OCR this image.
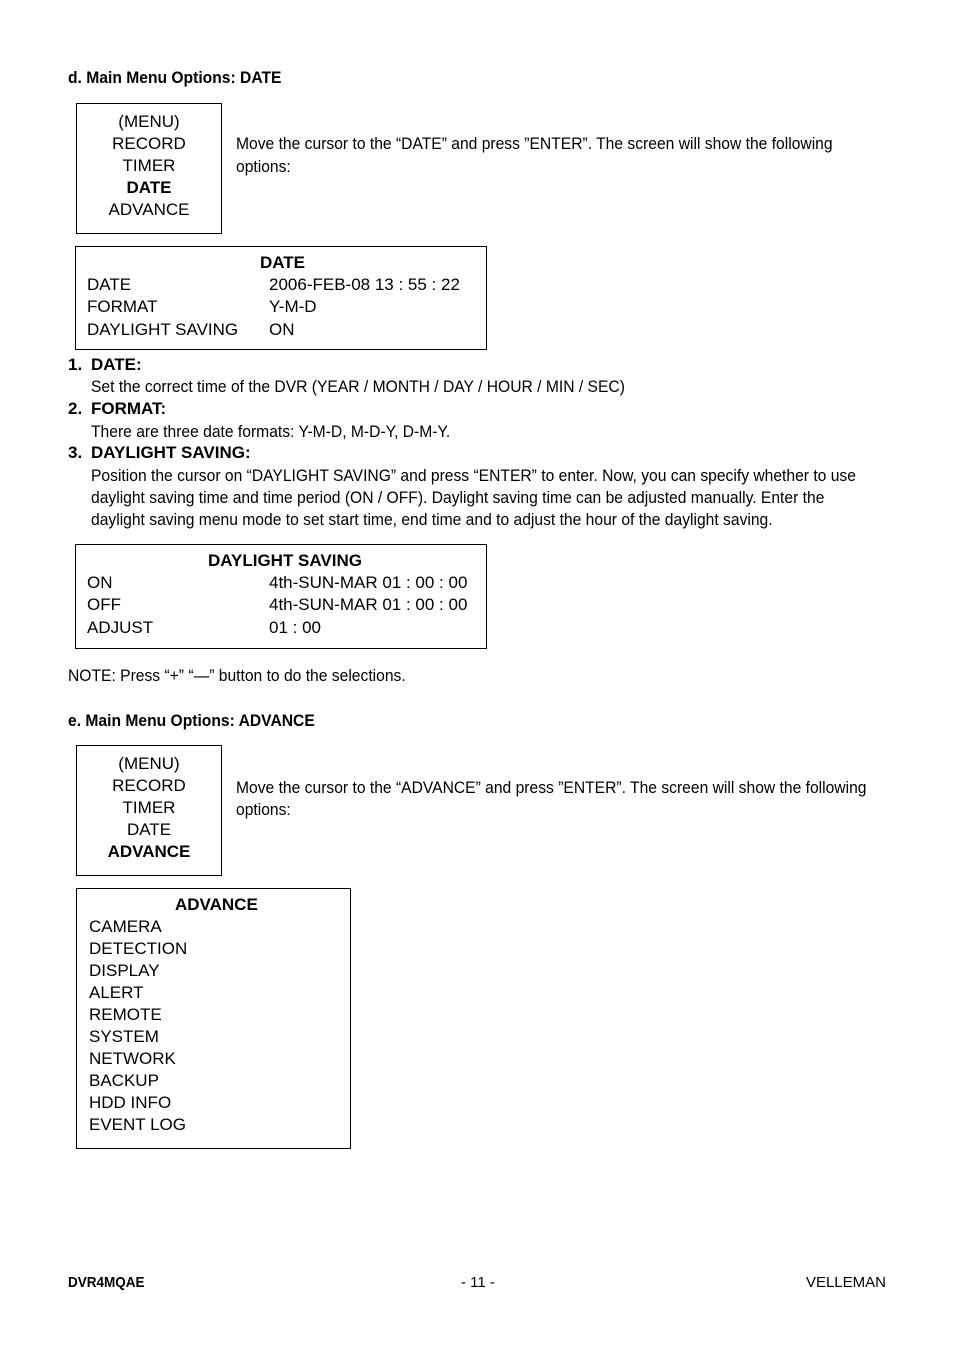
d. Main Menu Options: DATE
(MENU)
RECORD
TIMER
DATE
ADVANCE
Move the cursor to the “DATE” and press ”ENTER”. The screen will show the following
options:
DATE
DATE	2006-FEB-08 13 : 55 : 22
FORMAT	Y-M-D
DAYLIGHT SAVING ON
1. DATE:
Set the correct time of the DVR (YEAR / MONTH / DAY / HOUR / MIN / SEC)
2. FORMAT:
There are three date formats: Y-M-D, M-D-Y, D-M-Y.
3. DAYLIGHT SAVING:
Position the cursor on “DAYLIGHT SAVING” and press “ENTER” to enter. Now, you can specify whether to use
daylight saving time and time period (ON / OFF). Daylight saving time can be adjusted manually. Enter the
daylight saving menu mode to set start time, end time and to adjust the hour of the daylight saving.
DAYLIGHT SAVING
ON	4th-SUN-MAR 01 : 00 : 00
OFF	4th-SUN-MAR 01 : 00 : 00
ADJUST	01 : 00
NOTE: Press “+” “—” button to do the selections.
e. Main Menu Options: ADVANCE
(MENU)
RECORD
TIMER
DATE
ADVANCE
Move the cursor to the “ADVANCE” and press ”ENTER”. The screen will show the following
options:
ADVANCE
CAMERA
DETECTION
DISPLAY
ALERT
REMOTE
SYSTEM
NETWORK
BACKUP
HDD INFO
EVENT LOG
DVR4MQAE	- 11 -	VELLEMAN
